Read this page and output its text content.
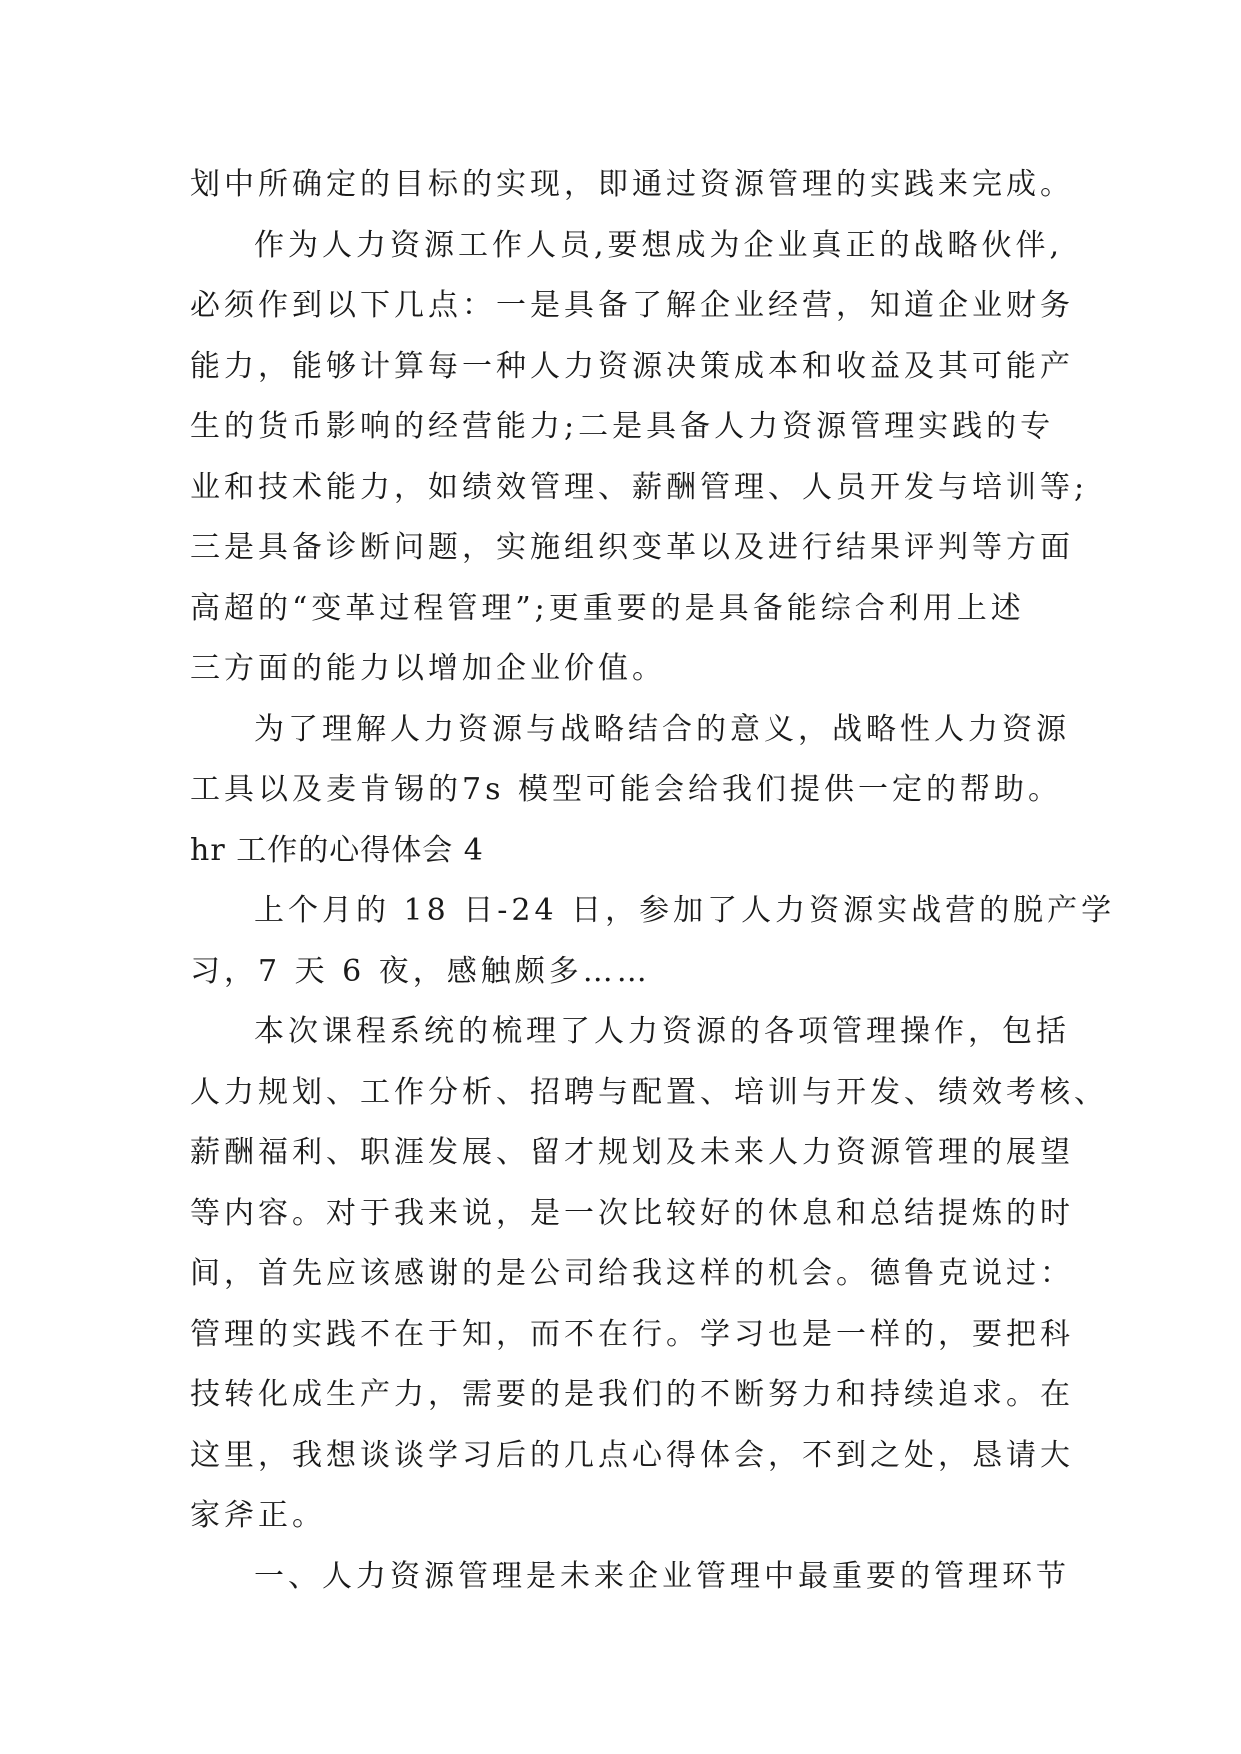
划中所确定的目标的实现，即通过资源管理的实践来完成。
作为人力资源工作人员,要想成为企业真正的战略伙伴,
必须作到以下几点：一是具备了解企业经营，知道企业财务
能力，能够计算每一种人力资源决策成本和收益及其可能产
生的货币影响的经营能力;二是具备人力资源管理实践的专
业和技术能力，如绩效管理、薪酬管理、人员开发与培训等;
三是具备诊断问题，实施组织变革以及进行结果评判等方面
高超的“变革过程管理”;更重要的是具备能综合利用上述
三方面的能力以增加企业价值。
为了理解人力资源与战略结合的意义，战略性人力资源
工具以及麦肯锡的7s 模型可能会给我们提供一定的帮助。
hr 工作的心得体会 4
上个月的 18 日-24 日，参加了人力资源实战营的脱产学
习，7 天 6 夜，感触颇多……
本次课程系统的梳理了人力资源的各项管理操作，包括
人力规划、工作分析、招聘与配置、培训与开发、绩效考核、
薪酬福利、职涯发展、留才规划及未来人力资源管理的展望
等内容。对于我来说，是一次比较好的休息和总结提炼的时
间，首先应该感谢的是公司给我这样的机会。德鲁克说过：
管理的实践不在于知，而不在行。学习也是一样的，要把科
技转化成生产力，需要的是我们的不断努力和持续追求。在
这里，我想谈谈学习后的几点心得体会，不到之处，恳请大
家斧正。
一、人力资源管理是未来企业管理中最重要的管理环节
